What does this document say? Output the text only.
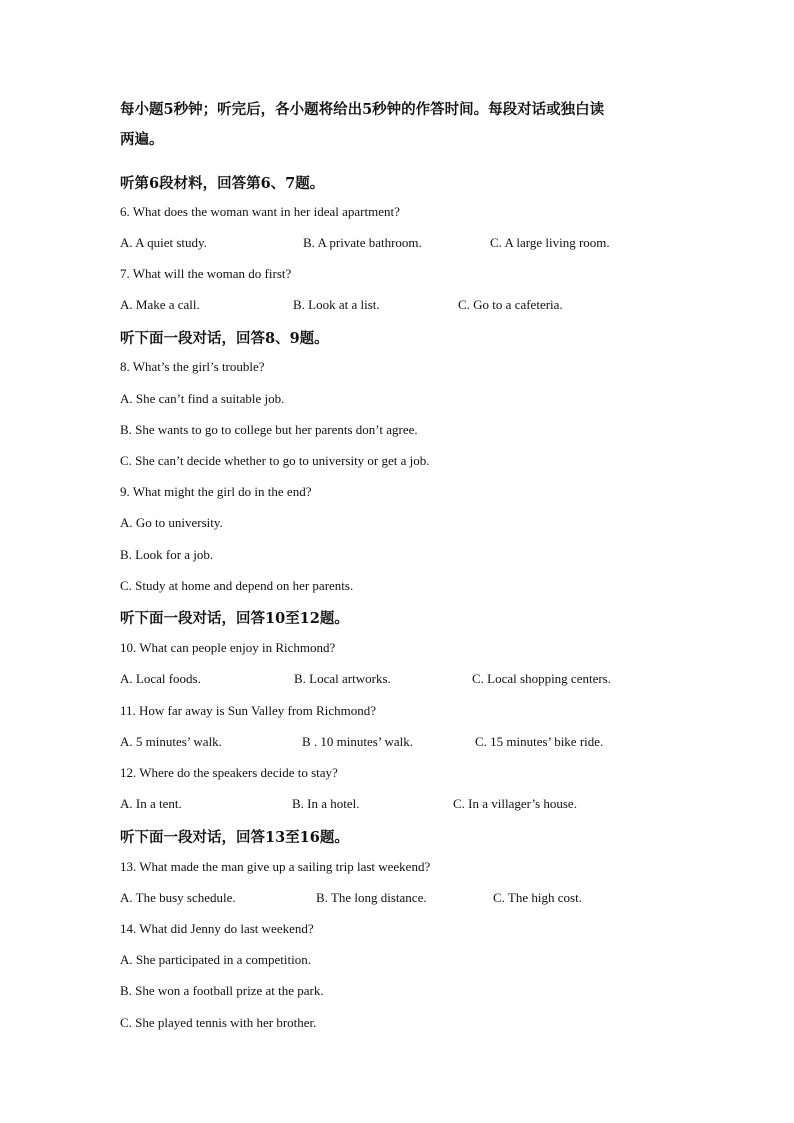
每小题5秒钟；听完后，各小题将给出5秒钟的作答时间。每段对话或独白读

两遍。

听第6段材料，回答第6、7题。

6. What does the woman want in her ideal apartment?

A. A quiet study.	B. A private bathroom.	C. A large living room.

7. What will the woman do first?

A. Make a call.	B. Look at a list.	C. Go to a cafeteria.

听下面一段对话，回答8、9题。

8. What’s the girl’s trouble?

A. She can’t find a suitable job.

B. She wants to go to college but her parents don’t agree.

C. She can’t decide whether to go to university or get a job.

9. What might the girl do in the end?

A. Go to university.

B. Look for a job.

C. Study at home and depend on her parents.

听下面一段对话，回答10至12题。

10. What can people enjoy in Richmond?

A. Local foods.	B. Local artworks.	C. Local shopping centers.

11. How far away is Sun Valley from Richmond?

A. 5 minutes’ walk.	B . 10 minutes’ walk.	C. 15 minutes’ bike ride.

12. Where do the speakers decide to stay?

A. In a tent.	B. In a hotel.	C. In a villager’s house.

听下面一段对话，回答13至16题。

13. What made the man give up a sailing trip last weekend?

A. The busy schedule.	B. The long distance.	C. The high cost.

14. What did Jenny do last weekend?

A. She participated in a competition.

B. She won a football prize at the park.

C. She played tennis with her brother.
